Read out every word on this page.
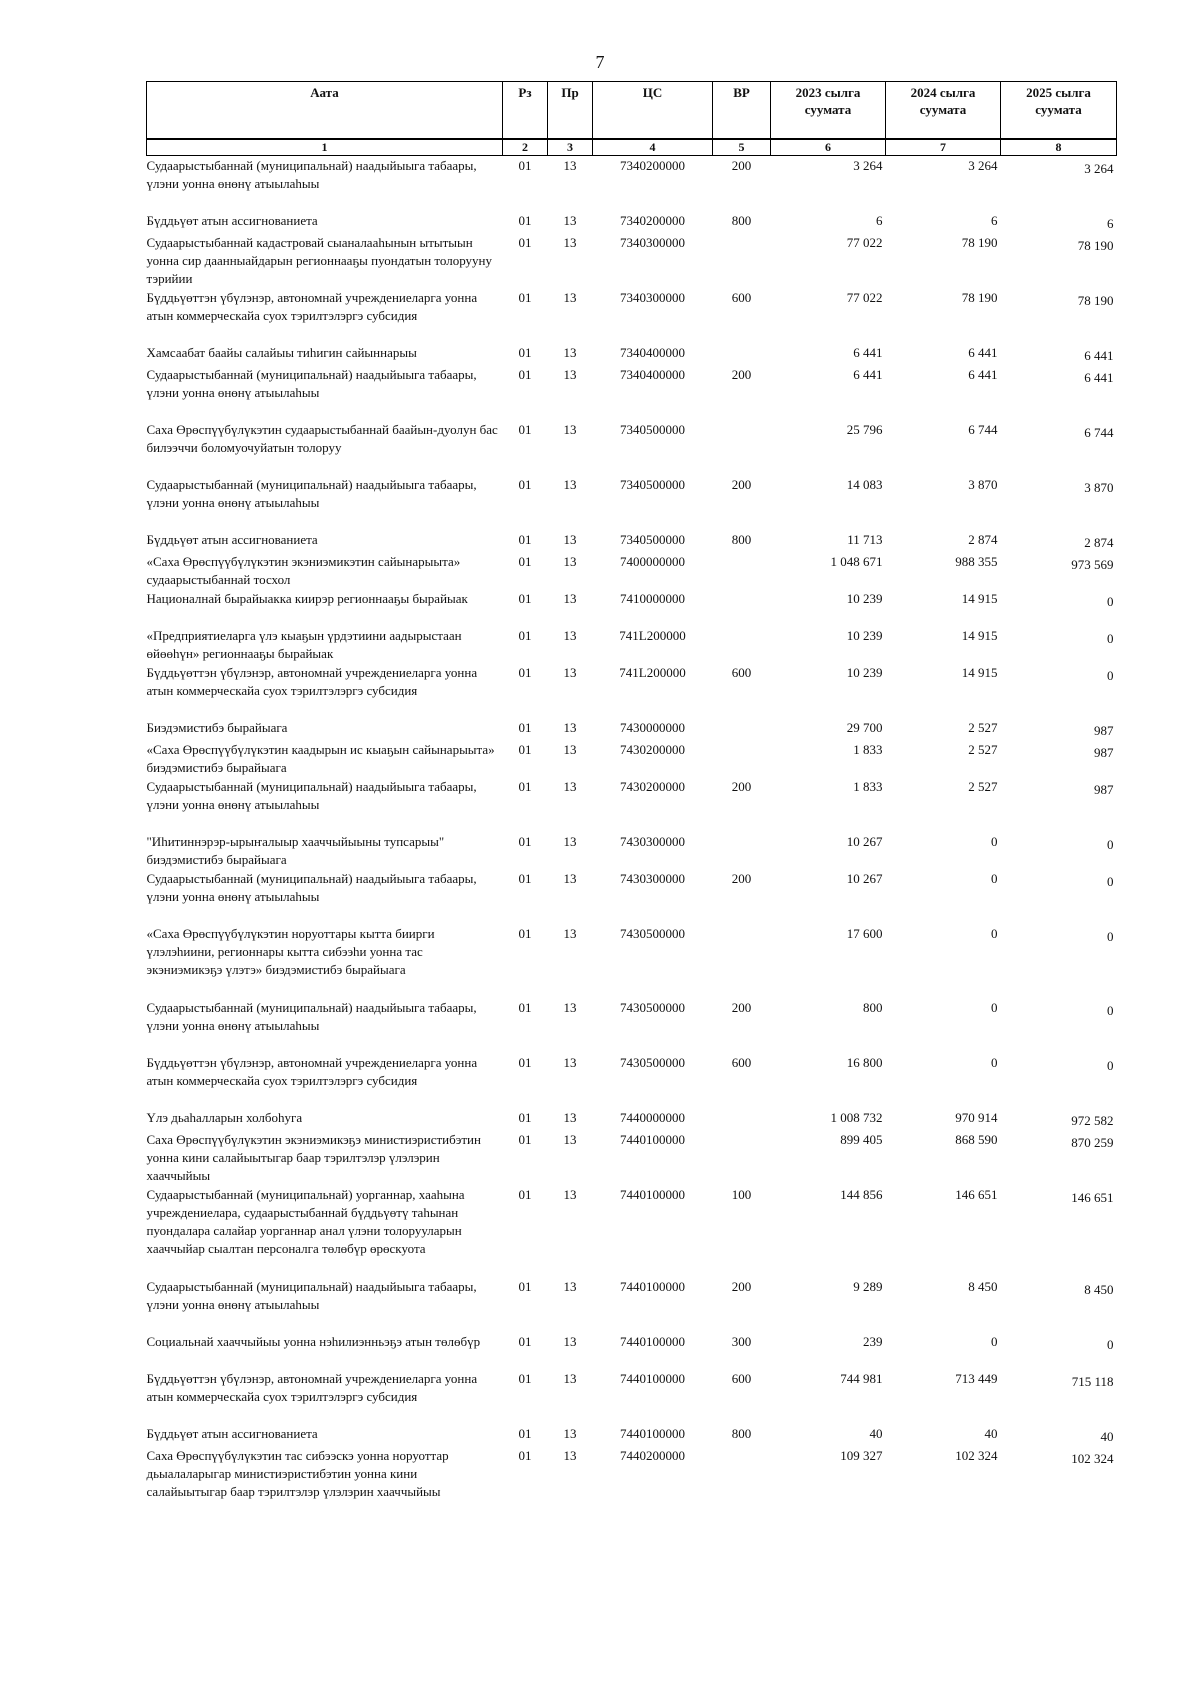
7
Аата	Рз	Пр	ЦС	ВР	2023 сылга суумата	2024 сылга суумата	2025 сылга суумата
1	2	3	4	5	6	7	8
Судаарыстыбаннай (муниципальнай) наадыйыыга табаары, үлэни уонна өнөнү атыылаһыы	01	13	7340200000	200	3 264	3 264	3 264
Бүддьүөт атын ассигнованиета	01	13	7340200000	800	6	6	6
Судаарыстыбаннай кадастровай сыаналааһынын ытытыын уонна сир даанныайдарын регионнааҕы пуондатын толорууну тэрийии	01	13	7340300000		77 022	78 190	78 190
Бүддьүөттэн үбүлэнэр, автономнай учреждениеларга уонна атын коммерческайа суох тэрилтэлэргэ субсидия	01	13	7340300000	600	77 022	78 190	78 190
Хамсаабат баайы салайыы тиһигин сайыннарыы	01	13	7340400000		6 441	6 441	6 441
Судаарыстыбаннай (муниципальнай) наадыйыыга табаары, үлэни уонна өнөнү атыылаһыы	01	13	7340400000	200	6 441	6 441	6 441
Саха Өрөспүүбүлүкэтин судаарыстыбаннай баайын-дуолун бас билээччи боломуочуйатын толоруу	01	13	7340500000		25 796	6 744	6 744
Судаарыстыбаннай (муниципальнай) наадыйыыга табаары, үлэни уонна өнөнү атыылаһыы	01	13	7340500000	200	14 083	3 870	3 870
Бүддьүөт атын ассигнованиета	01	13	7340500000	800	11 713	2 874	2 874
«Саха Өрөспүүбүлүкэтин экэниэмикэтин сайынарыыта» судаарыстыбаннай тосхол	01	13	7400000000		1 048 671	988 355	973 569
Националнай бырайыакка киирэр регионнааҕы бырайыак	01	13	7410000000		10 239	14 915	0
«Предприятиеларга үлэ кыаҕын үрдэтиини аадырыстаан өйөөһүн» регионнааҕы бырайыак	01	13	741L200000		10 239	14 915	0
Бүддьүөттэн үбүлэнэр, автономнай учреждениеларга уонна атын коммерческайа суох тэрилтэлэргэ субсидия	01	13	741L200000	600	10 239	14 915	0
Биэдэмистибэ бырайыага	01	13	7430000000		29 700	2 527	987
«Саха Өрөспүүбүлүкэтин каадырын ис кыаҕын сайынарыыта» биэдэмистибэ бырайыага	01	13	7430200000		1 833	2 527	987
Судаарыстыбаннай (муниципальнай) наадыйыыга табаары, үлэни уонна өнөнү атыылаһыы	01	13	7430200000	200	1 833	2 527	987
"Иһитиннэрэр-ырыҥалыыр хааччыйыыны тупсарыы" биэдэмистибэ бырайыага	01	13	7430300000		10 267	0	0
Судаарыстыбаннай (муниципальнай) наадыйыыга табаары, үлэни уонна өнөнү атыылаһыы	01	13	7430300000	200	10 267	0	0
«Саха Өрөспүүбүлүкэтин норуоттары кытта биирги үлэлэһиини, регионнары кытта сибээһи уонна тас экэниэмикэҕэ үлэтэ» биэдэмистибэ бырайыага	01	13	7430500000		17 600	0	0
Судаарыстыбаннай (муниципальнай) наадыйыыга табаары, үлэни уонна өнөнү атыылаһыы	01	13	7430500000	200	800	0	0
Бүддьүөттэн үбүлэнэр, автономнай учреждениеларга уонна атын коммерческайа суох тэрилтэлэргэ субсидия	01	13	7430500000	600	16 800	0	0
Үлэ дьаһалларын холбоһуга	01	13	7440000000		1 008 732	970 914	972 582
Саха Өрөспүүбүлүкэтин экэниэмикэҕэ министиэристибэтин уонна кини салайыытыгар баар тэрилтэлэр үлэлэрин хааччыйыы	01	13	7440100000		899 405	868 590	870 259
Судаарыстыбаннай (муниципальнай) уорганнар, хааһына учреждениелара, судаарыстыбаннай бүддьүөтү таһынан пуондалара салайар уорганнар анал үлэни толорууларын хааччыйар сыалтан персоналга төлөбүр өрөскуота	01	13	7440100000	100	144 856	146 651	146 651
Судаарыстыбаннай (муниципальнай) наадыйыыга табаары, үлэни уонна өнөнү атыылаһыы	01	13	7440100000	200	9 289	8 450	8 450
Социальнай хааччыйыы уонна нэһилиэнньэҕэ атын төлөбүр	01	13	7440100000	300	239	0	0
Бүддьүөттэн үбүлэнэр, автономнай учреждениеларга уонна атын коммерческайа суох тэрилтэлэргэ субсидия	01	13	7440100000	600	744 981	713 449	715 118
Бүддьүөт атын ассигнованиета	01	13	7440100000	800	40	40	40
Саха Өрөспүүбүлүкэтин тас сибээскэ уонна норуоттар дьыалаларыгар министиэристибэтин уонна кини салайыытыгар баар тэрилтэлэр үлэлэрин хааччыйыы	01	13	7440200000		109 327	102 324	102 324
